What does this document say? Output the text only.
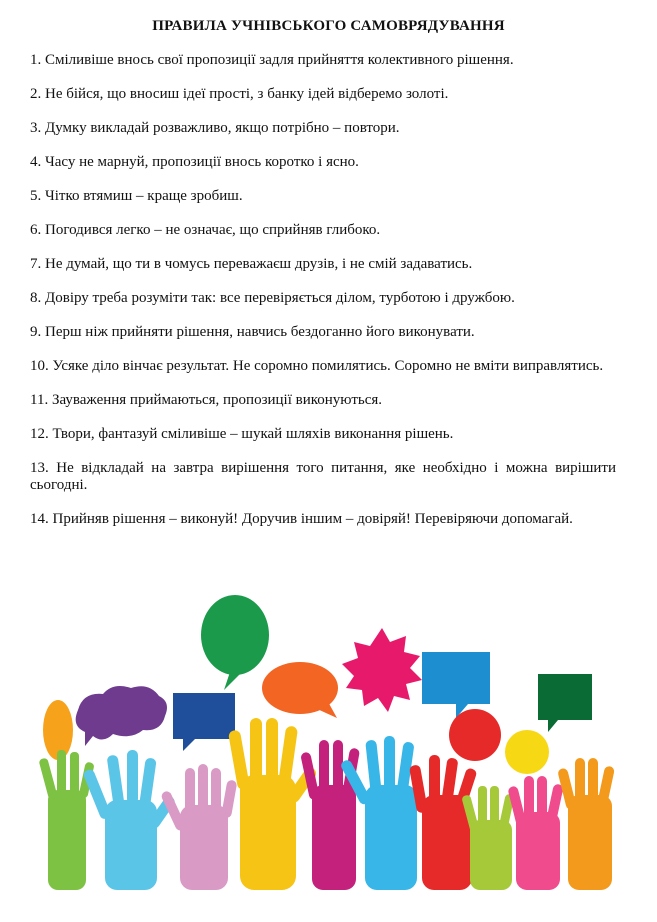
ПРАВИЛА УЧНІВСЬКОГО САМОВРЯДУВАННЯ
1. Сміливіше внось свої пропозиції задля прийняття колективного рішення.
2. Не бійся, що вносиш ідеї прості, з банку ідей відберемо золоті.
3. Думку викладай розважливо, якщо потрібно – повтори.
4. Часу не марнуй, пропозиції внось коротко і ясно.
5. Чітко втямиш – краще зробиш.
6. Погодився легко – не означає, що сприйняв глибоко.
7. Не думай, що ти в чомусь переважаєш друзів, і не смій задаватись.
8. Довіру треба розуміти так: все перевіряється ділом, турботою і дружбою.
9. Перш ніж прийняти рішення, навчись бездоганно його виконувати.
10. Усяке діло вінчає результат. Не соромно помилятись. Соромно не вміти виправлятись.
11. Зауваження приймаються, пропозиції виконуються.
12. Твори, фантазуй сміливіше – шукай шляхів виконання рішень.
13. Не відкладай на завтра вирішення того питання, яке необхідно і можна вирішити сьогодні.
14. Прийняв рішення – виконуй! Доручив іншим – довіряй! Перевіряючи допомагай.
